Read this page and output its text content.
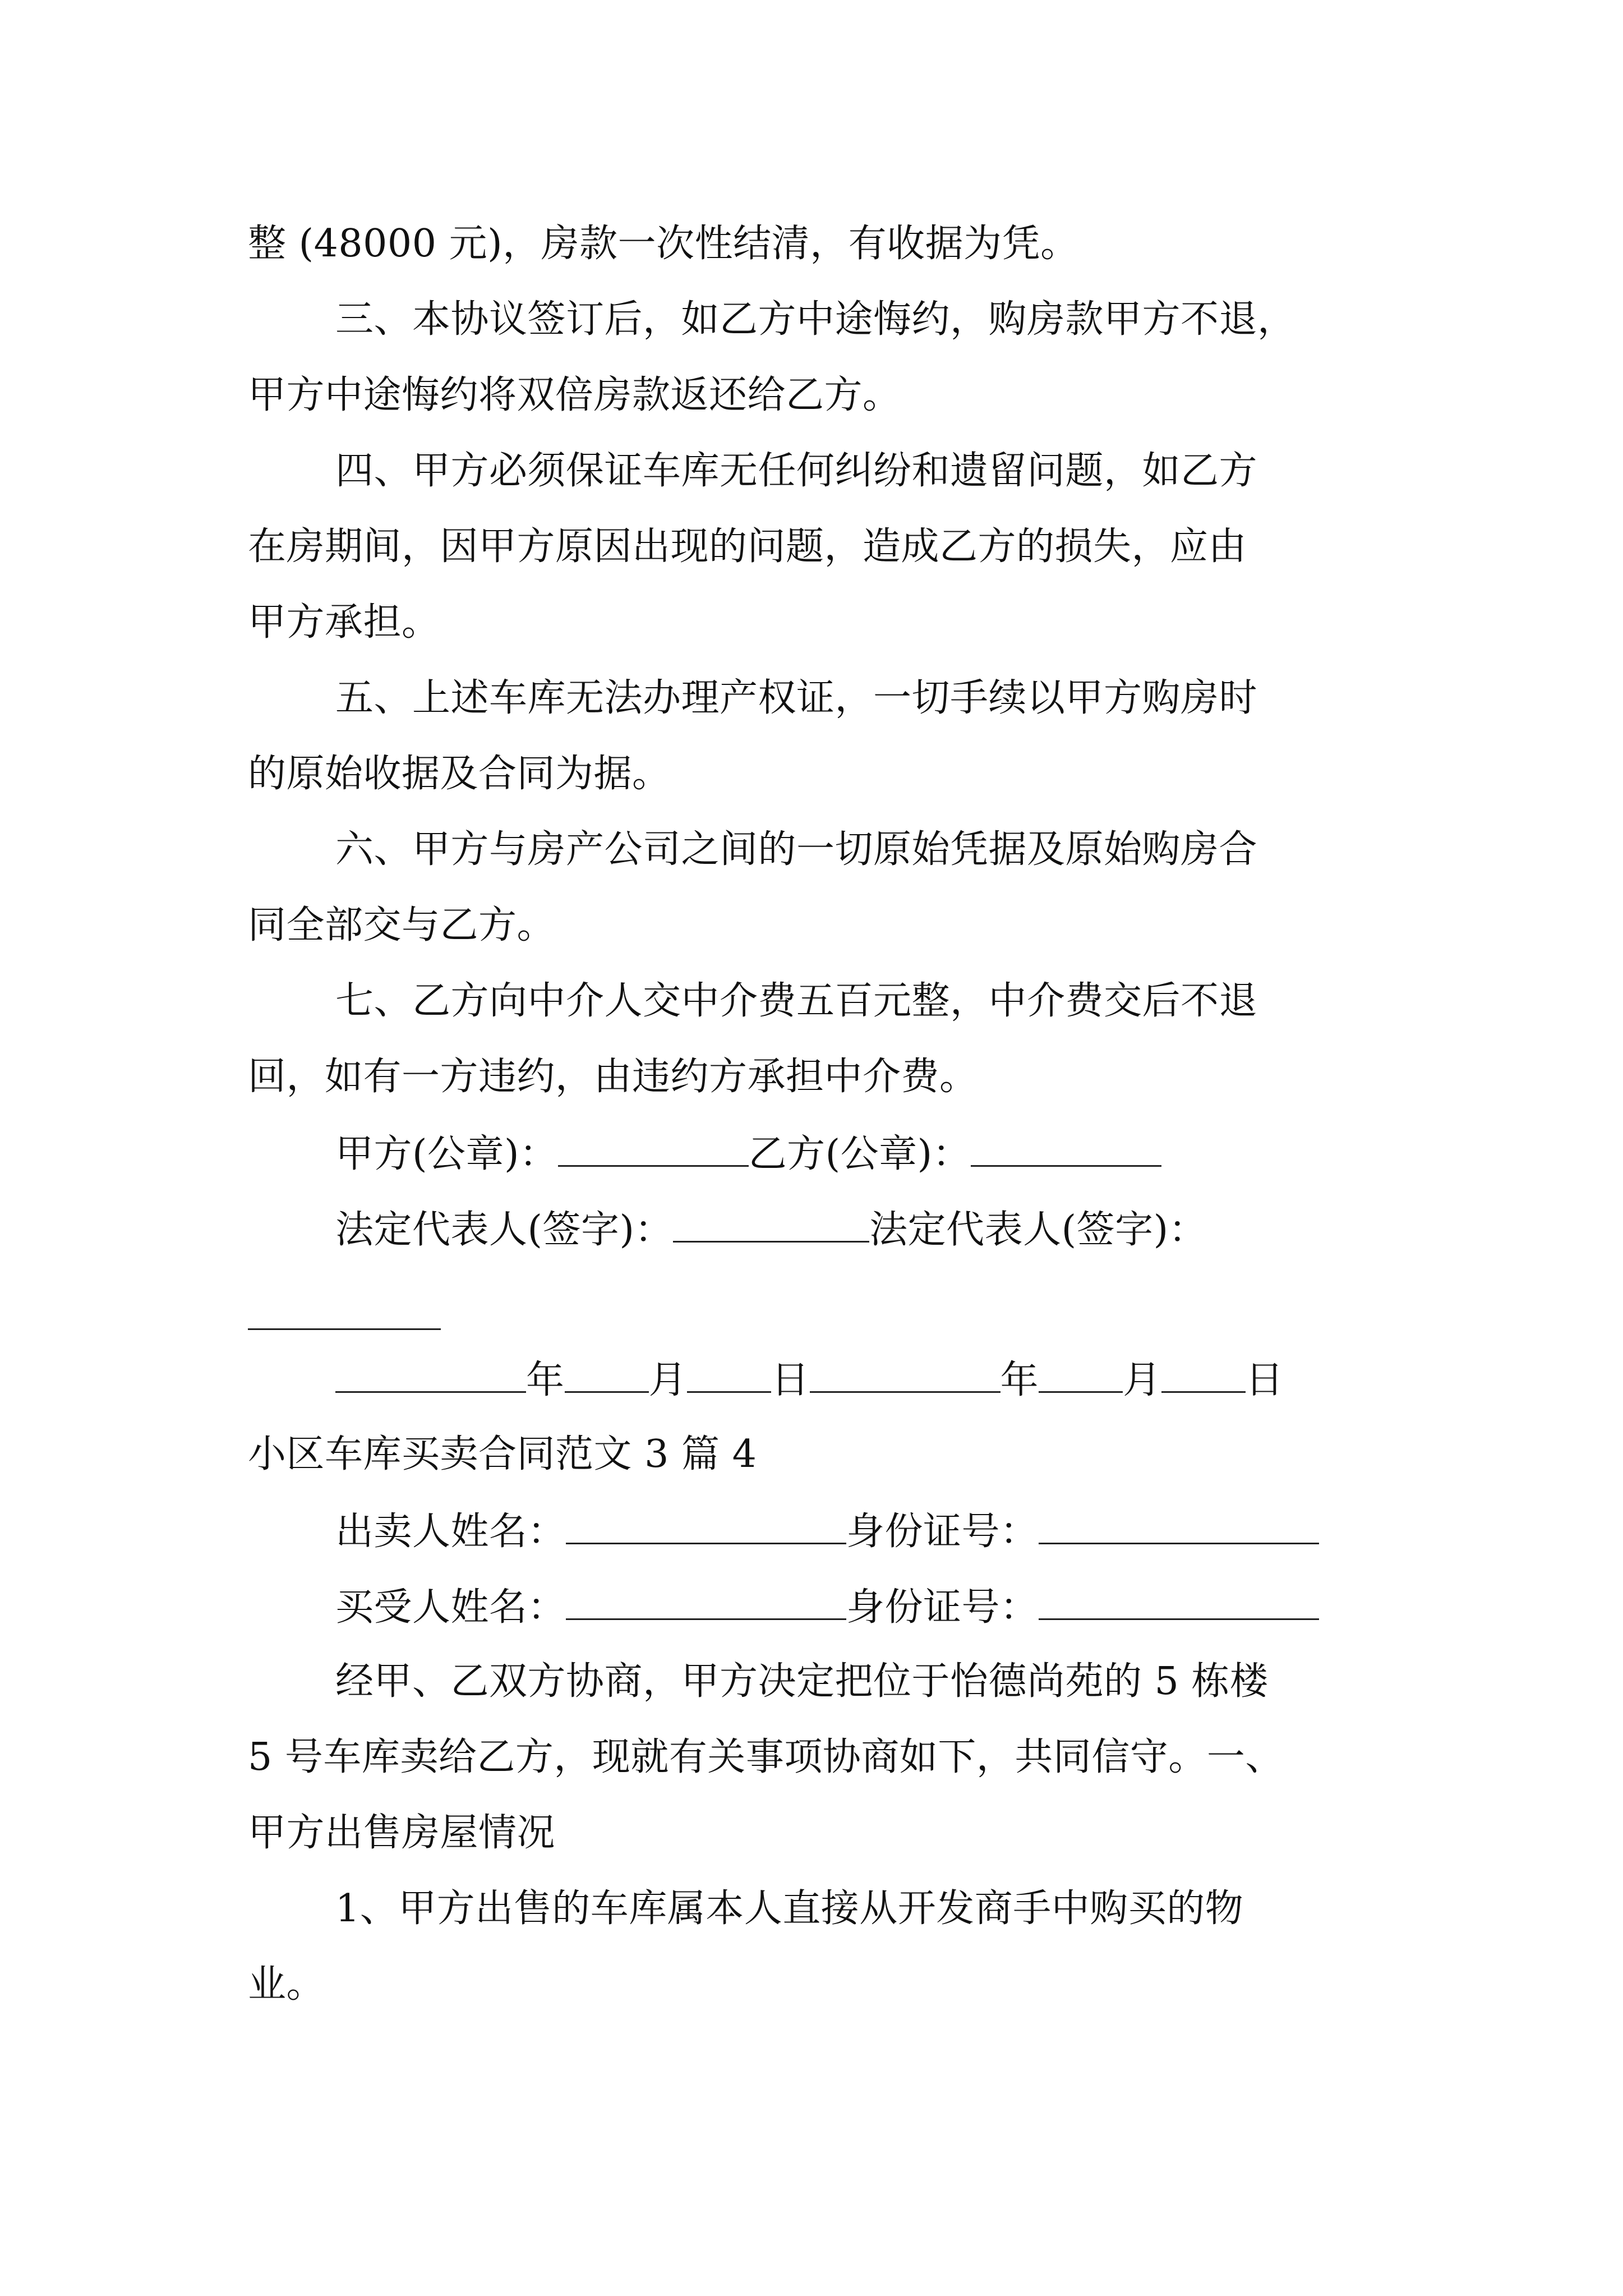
整 (48000 元)，房款一次性结清，有收据为凭。
三、本协议签订后，如乙方中途悔约，购房款甲方不退，
甲方中途悔约将双倍房款返还给乙方。
四、甲方必须保证车库无任何纠纷和遗留问题，如乙方
在房期间，因甲方原因出现的问题，造成乙方的损失，应由
甲方承担。
五、上述车库无法办理产权证，一切手续以甲方购房时
的原始收据及合同为据。
六、甲方与房产公司之间的一切原始凭据及原始购房合
同全部交与乙方。
七、乙方向中介人交中介费五百元整，中介费交后不退
回，如有一方违约，由违约方承担中介费。
甲方(公章)：	乙方(公章)：
法定代表人(签字)：	法定代表人(签字)：
年 月 日	年 月 日
小区车库买卖合同范文 3 篇 4
出卖人姓名：	身份证号：
买受人姓名：	身份证号：
经甲、乙双方协商，甲方决定把位于怡德尚苑的 5 栋楼
5 号车库卖给乙方，现就有关事项协商如下，共同信守。一、
甲方出售房屋情况
1、甲方出售的车库属本人直接从开发商手中购买的物
业。
